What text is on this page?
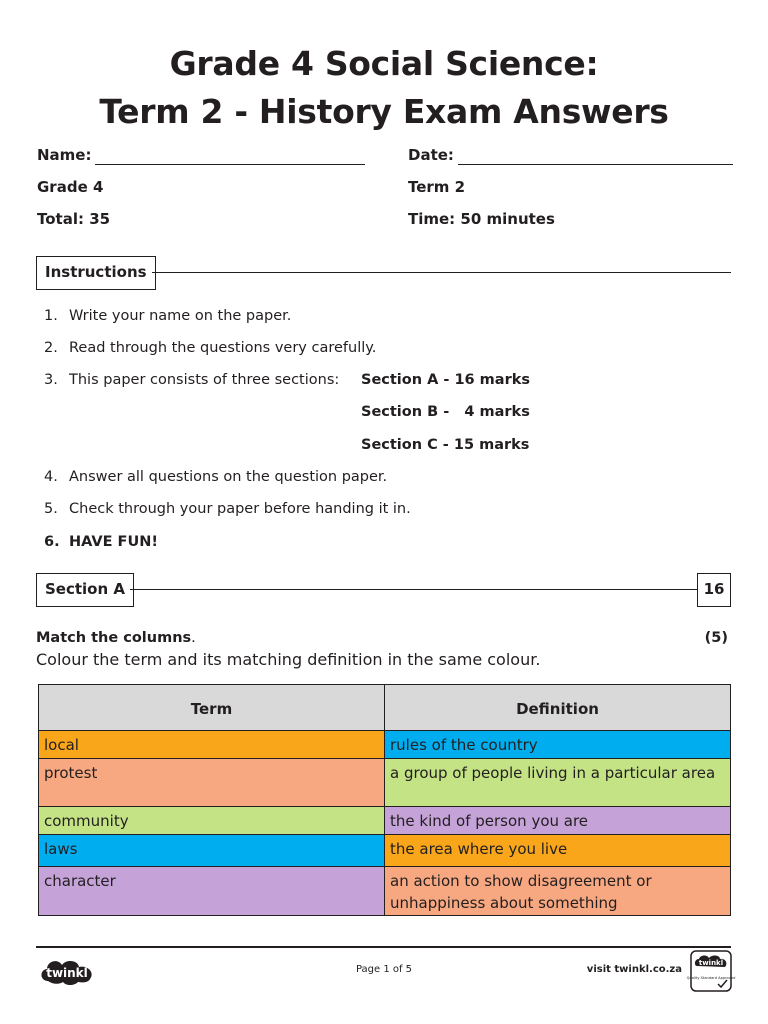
Grade 4 Social Science:
Term 2 - History Exam Answers
Name:	Date:
Grade 4	Term 2
Total: 35	Time: 50 minutes
Instructions
1. Write your name on the paper.
2. Read through the questions very carefully.
3. This paper consists of three sections: Section A - 16 marks
Section B -   4 marks
Section C - 15 marks
4. Answer all questions on the question paper.
5. Check through your paper before handing it in.
6. HAVE FUN!
Section A	16
Match the columns.	(5)
Colour the term and its matching definition in the same colour.
Term	Definition
local	rules of the country
protest	a group of people living in a particular area
community	the kind of person you are
laws	the area where you live
character	an action to show disagreement or unhappiness about something
twinkl	Page 1 of 5	visit twinkl.co.za
twinkl
Quality Standard Approved
